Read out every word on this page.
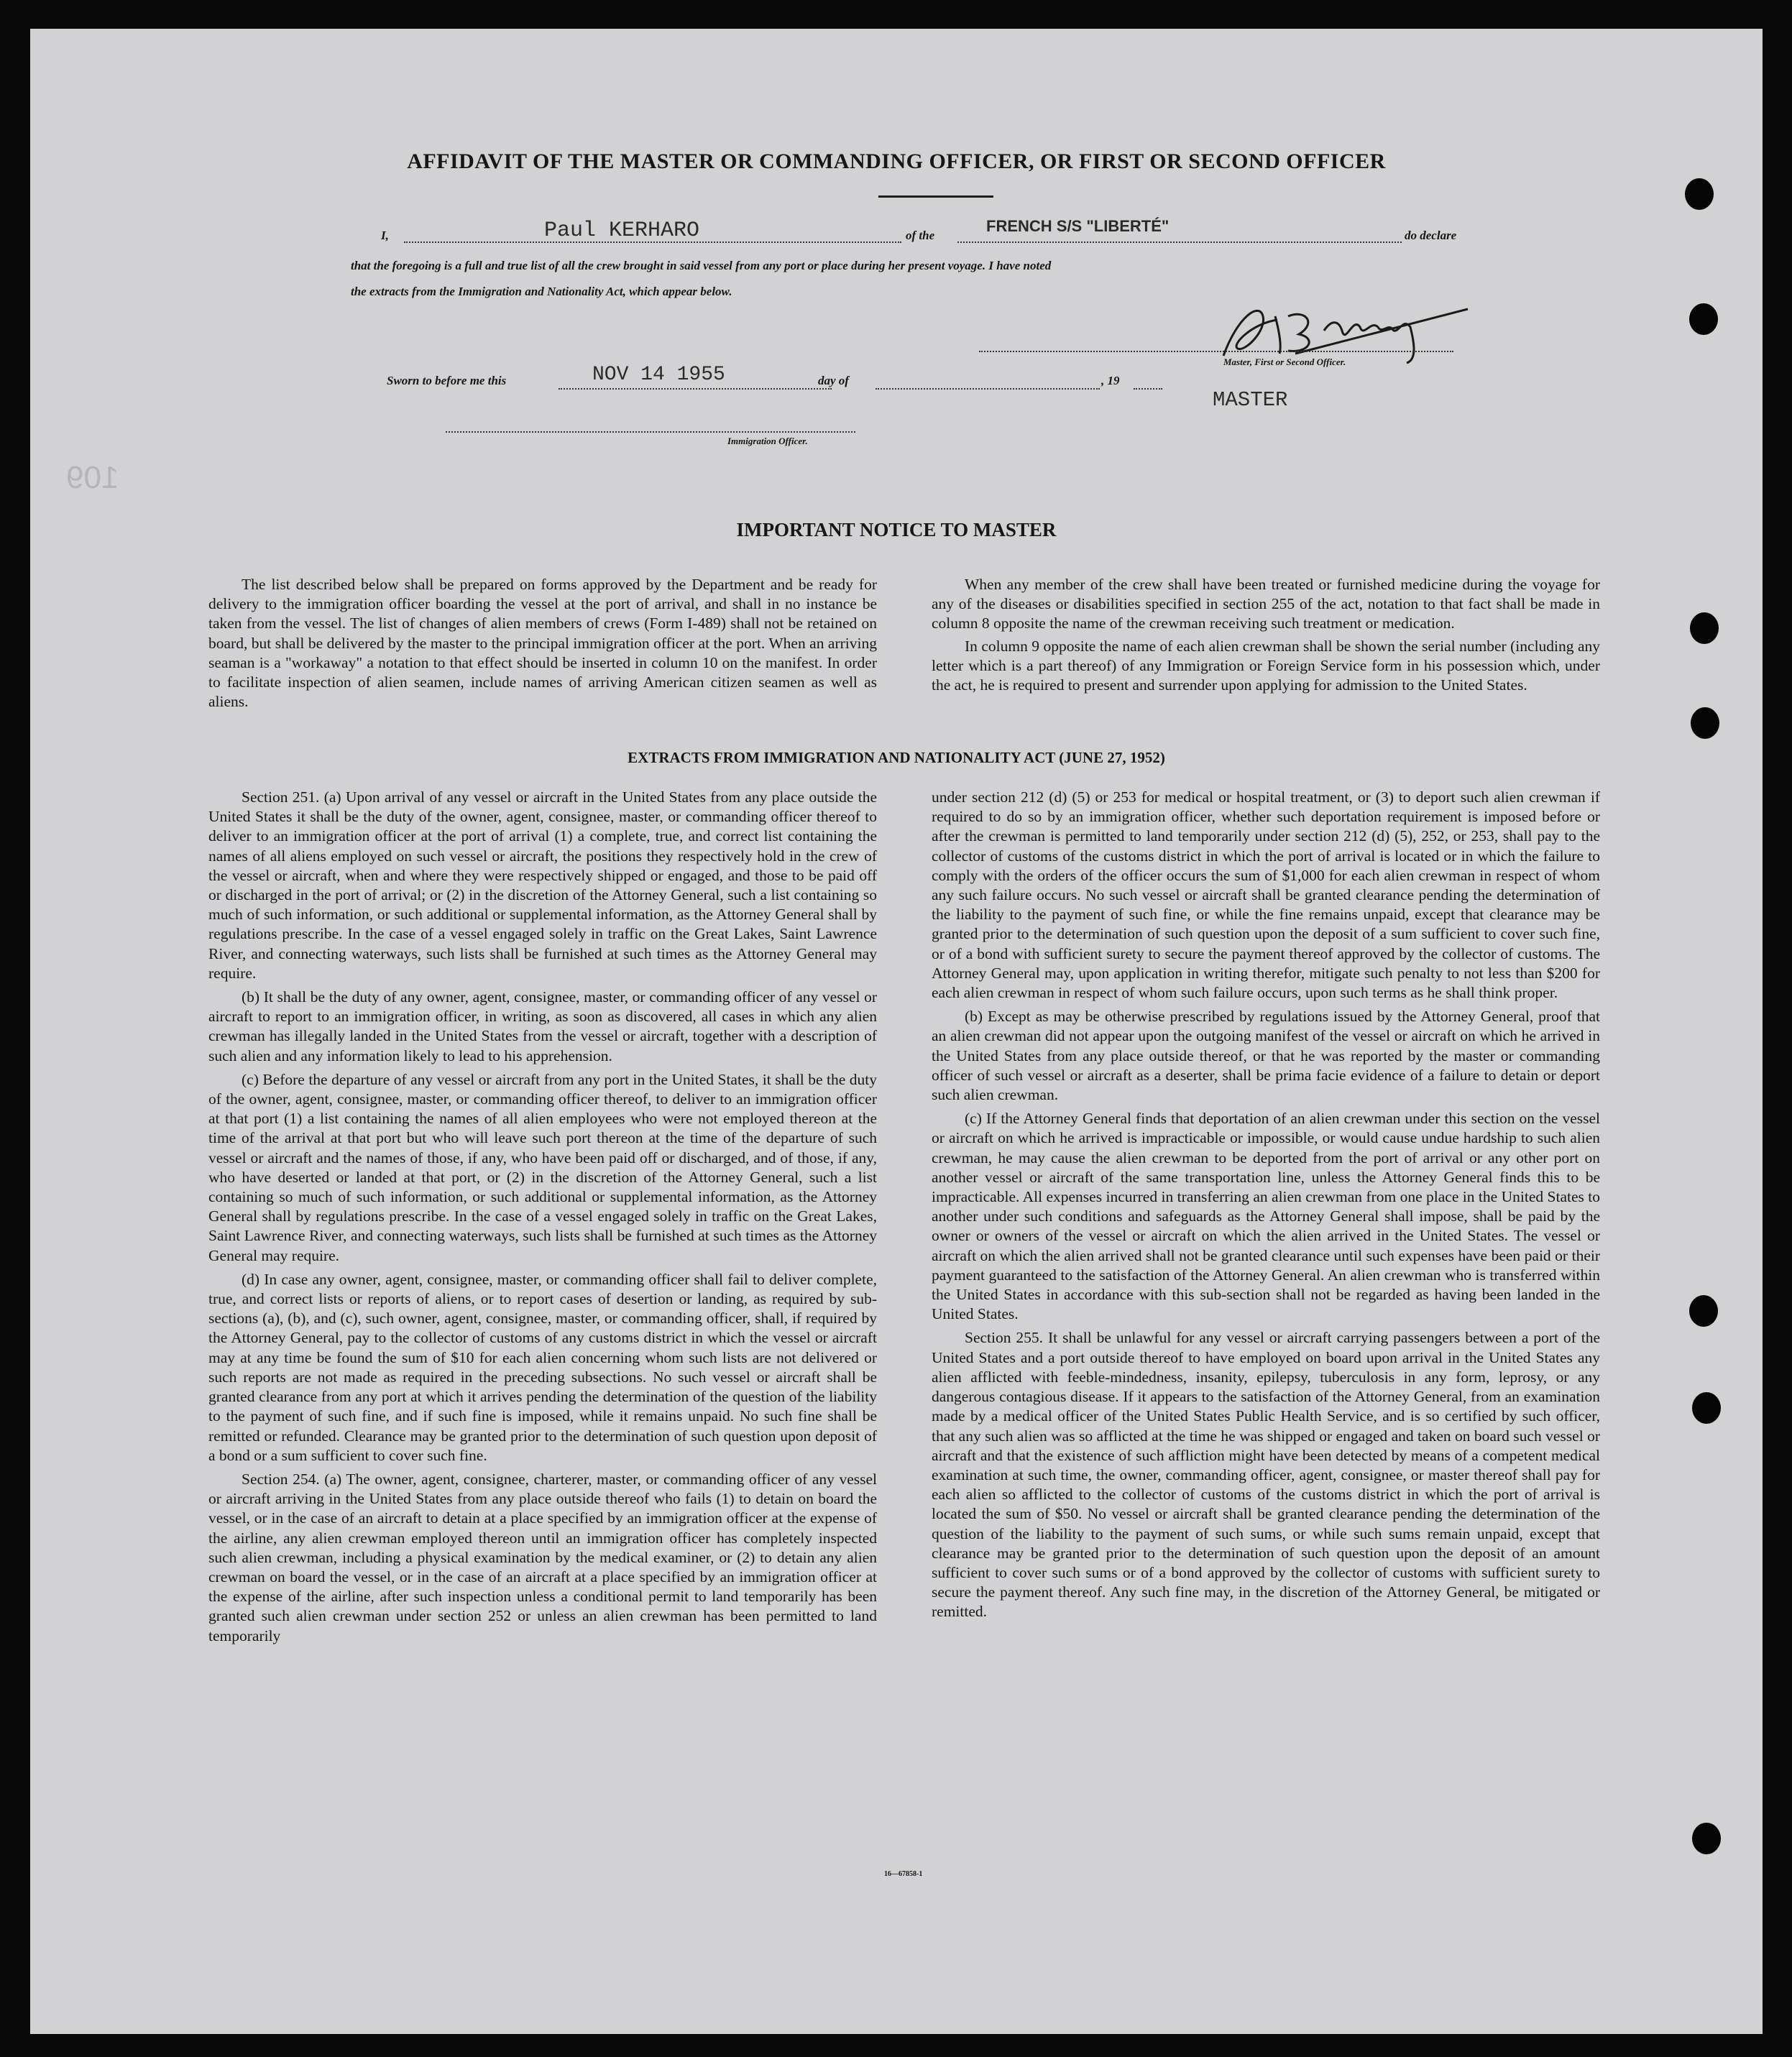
109
AFFIDAVIT OF THE MASTER OR COMMANDING OFFICER, OR FIRST OR SECOND OFFICER
I,	Paul KERHARO	of the
FRENCH S/S "LIBERTÉ"
do declare
that the foregoing is a full and true list of all the crew brought in said vessel from any port or place during her present voyage. I have noted
the extracts from the Immigration and Nationality Act, which appear below.
Master, First or Second Officer.
Sworn to before me this	NOV 14 1955	day of	, 19
MASTER
Immigration Officer.
IMPORTANT NOTICE TO MASTER

The list described below shall be prepared on forms approved by the Department and be ready for delivery to the immigration officer boarding the vessel at the port of arrival, and shall in no instance be taken from the vessel. The list of changes of alien members of crews (Form I-489) shall not be retained on board, but shall be delivered by the master to the principal immigration officer at the port. When an arriving seaman is a "workaway" a notation to that effect should be inserted in column 10 on the manifest. In order to facilitate inspection of alien seamen, include names of arriving American citizen seamen as well as aliens.

When any member of the crew shall have been treated or furnished medicine during the voyage for any of the diseases or disabilities specified in section 255 of the act, notation to that fact shall be made in column 8 opposite the name of the crewman receiving such treatment or medication.

In column 9 opposite the name of each alien crewman shall be shown the serial number (including any letter which is a part thereof) of any Immigration or Foreign Service form in his possession which, under the act, he is required to present and surrender upon applying for admission to the United States.

EXTRACTS FROM IMMIGRATION AND NATIONALITY ACT (JUNE 27, 1952)

Section 251. (a) Upon arrival of any vessel or aircraft in the United States from any place outside the United States it shall be the duty of the owner, agent, consignee, master, or commanding officer thereof to deliver to an immigration officer at the port of arrival (1) a complete, true, and correct list containing the names of all aliens employed on such vessel or aircraft, the positions they respectively hold in the crew of the vessel or aircraft, when and where they were respectively shipped or engaged, and those to be paid off or discharged in the port of arrival; or (2) in the discretion of the Attorney General, such a list containing so much of such information, or such additional or supplemental information, as the Attorney General shall by regulations prescribe. In the case of a vessel engaged solely in traffic on the Great Lakes, Saint Lawrence River, and connecting waterways, such lists shall be furnished at such times as the Attorney General may require.

(b) It shall be the duty of any owner, agent, consignee, master, or commanding officer of any vessel or aircraft to report to an immigration officer, in writing, as soon as discovered, all cases in which any alien crewman has illegally landed in the United States from the vessel or aircraft, together with a description of such alien and any information likely to lead to his apprehension.

(c) Before the departure of any vessel or aircraft from any port in the United States, it shall be the duty of the owner, agent, consignee, master, or commanding officer thereof, to deliver to an immigration officer at that port (1) a list containing the names of all alien employees who were not employed thereon at the time of the arrival at that port but who will leave such port thereon at the time of the departure of such vessel or aircraft and the names of those, if any, who have been paid off or discharged, and of those, if any, who have deserted or landed at that port, or (2) in the discretion of the Attorney General, such a list containing so much of such information, or such additional or supplemental information, as the Attorney General shall by regulations prescribe. In the case of a vessel engaged solely in traffic on the Great Lakes, Saint Lawrence River, and connecting waterways, such lists shall be furnished at such times as the Attorney General may require.

(d) In case any owner, agent, consignee, master, or commanding officer shall fail to deliver complete, true, and correct lists or reports of aliens, or to report cases of desertion or landing, as required by sub-sections (a), (b), and (c), such owner, agent, consignee, master, or commanding officer, shall, if required by the Attorney General, pay to the collector of customs of any customs district in which the vessel or aircraft may at any time be found the sum of $10 for each alien concerning whom such lists are not delivered or such reports are not made as required in the preceding subsections. No such vessel or aircraft shall be granted clearance from any port at which it arrives pending the determination of the question of the liability to the payment of such fine, and if such fine is imposed, while it remains unpaid. No such fine shall be remitted or refunded. Clearance may be granted prior to the determination of such question upon deposit of a bond or a sum sufficient to cover such fine.

Section 254. (a) The owner, agent, consignee, charterer, master, or commanding officer of any vessel or aircraft arriving in the United States from any place outside thereof who fails (1) to detain on board the vessel, or in the case of an aircraft to detain at a place specified by an immigration officer at the expense of the airline, any alien crewman employed thereon until an immigration officer has completely inspected such alien crewman, including a physical examination by the medical examiner, or (2) to detain any alien crewman on board the vessel, or in the case of an aircraft at a place specified by an immigration officer at the expense of the airline, after such inspection unless a conditional permit to land temporarily has been granted such alien crewman under section 252 or unless an alien crewman has been permitted to land temporarily

under section 212 (d) (5) or 253 for medical or hospital treatment, or (3) to deport such alien crewman if required to do so by an immigration officer, whether such deportation requirement is imposed before or after the crewman is permitted to land temporarily under section 212 (d) (5), 252, or 253, shall pay to the collector of customs of the customs district in which the port of arrival is located or in which the failure to comply with the orders of the officer occurs the sum of $1,000 for each alien crewman in respect of whom any such failure occurs. No such vessel or aircraft shall be granted clearance pending the determination of the liability to the payment of such fine, or while the fine remains unpaid, except that clearance may be granted prior to the determination of such question upon the deposit of a sum sufficient to cover such fine, or of a bond with sufficient surety to secure the payment thereof approved by the collector of customs. The Attorney General may, upon application in writing therefor, mitigate such penalty to not less than $200 for each alien crewman in respect of whom such failure occurs, upon such terms as he shall think proper.

(b) Except as may be otherwise prescribed by regulations issued by the Attorney General, proof that an alien crewman did not appear upon the outgoing manifest of the vessel or aircraft on which he arrived in the United States from any place outside thereof, or that he was reported by the master or commanding officer of such vessel or aircraft as a deserter, shall be prima facie evidence of a failure to detain or deport such alien crewman.

(c) If the Attorney General finds that deportation of an alien crewman under this section on the vessel or aircraft on which he arrived is impracticable or impossible, or would cause undue hardship to such alien crewman, he may cause the alien crewman to be deported from the port of arrival or any other port on another vessel or aircraft of the same transportation line, unless the Attorney General finds this to be impracticable. All expenses incurred in transferring an alien crewman from one place in the United States to another under such conditions and safeguards as the Attorney General shall impose, shall be paid by the owner or owners of the vessel or aircraft on which the alien arrived in the United States. The vessel or aircraft on which the alien arrived shall not be granted clearance until such expenses have been paid or their payment guaranteed to the satisfaction of the Attorney General. An alien crewman who is transferred within the United States in accordance with this sub-section shall not be regarded as having been landed in the United States.

Section 255. It shall be unlawful for any vessel or aircraft carrying passengers between a port of the United States and a port outside thereof to have employed on board upon arrival in the United States any alien afflicted with feeble-mindedness, insanity, epilepsy, tuberculosis in any form, leprosy, or any dangerous contagious disease. If it appears to the satisfaction of the Attorney General, from an examination made by a medical officer of the United States Public Health Service, and is so certified by such officer, that any such alien was so afflicted at the time he was shipped or engaged and taken on board such vessel or aircraft and that the existence of such affliction might have been detected by means of a competent medical examination at such time, the owner, commanding officer, agent, consignee, or master thereof shall pay for each alien so afflicted to the collector of customs of the customs district in which the port of arrival is located the sum of $50. No vessel or aircraft shall be granted clearance pending the determination of the question of the liability to the payment of such sums, or while such sums remain unpaid, except that clearance may be granted prior to the determination of such question upon the deposit of an amount sufficient to cover such sums or of a bond approved by the collector of customs with sufficient surety to secure the payment thereof. Any such fine may, in the discretion of the Attorney General, be mitigated or remitted.

16—67858-1
